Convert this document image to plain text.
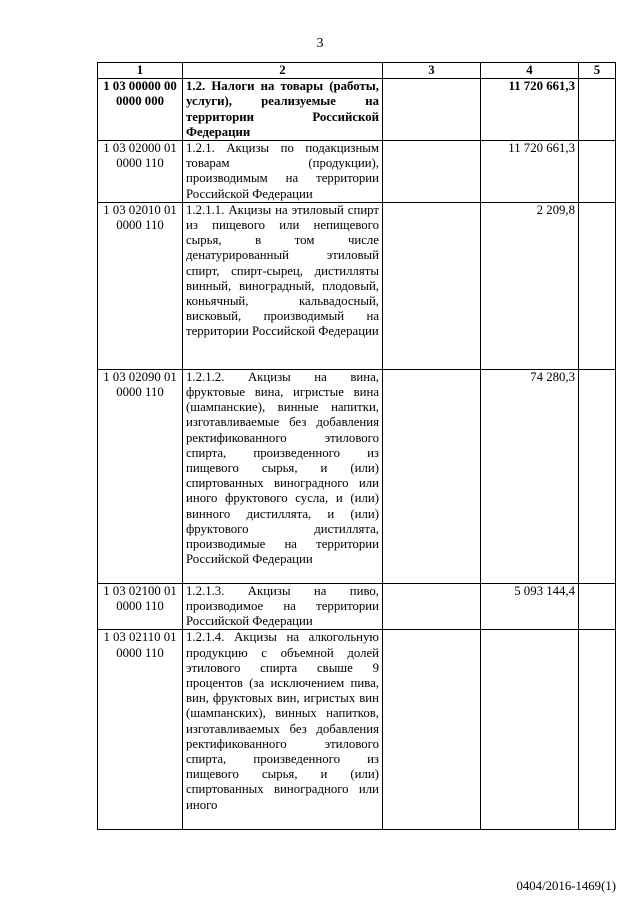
3
1	2	3	4	5
1 03 00000 00 0000 000	1.2. Налоги на товары (работы, услуги), реализуемые на территории Российской Федерации		11 720 661,3	
1 03 02000 01 0000 110	1.2.1. Акцизы по подакцизным товарам (продукции), производимым на территории Российской Федерации		11 720 661,3	
1 03 02010 01 0000 110	1.2.1.1. Акцизы на этиловый спирт из пищевого или непищевого сырья, в том числе денатурированный этиловый спирт, спирт-сырец, дистилляты винный, виноградный, плодовый, коньячный, кальвадосный, висковый, производимый на территории Российской Федерации		2 209,8	
1 03 02090 01 0000 110	1.2.1.2. Акцизы на вина, фруктовые вина, игристые вина (шампанские), винные напитки, изготавливаемые без добавления ректификованного этилового спирта, произведенного из пищевого сырья, и (или) спиртованных виноградного или иного фруктового сусла, и (или) винного дистиллята, и (или) фруктового дистиллята, производимые на территории Российской Федерации		74 280,3	
1 03 02100 01 0000 110	1.2.1.3. Акцизы на пиво, производимое на территории Российской Федерации		5 093 144,4	
1 03 02110 01 0000 110	1.2.1.4. Акцизы на алкогольную продукцию с объемной долей этилового спирта свыше 9 процентов (за исключением пива, вин, фруктовых вин, игристых вин (шампанских), винных напитков, изготавливаемых без добавления ректификованного этилового спирта, произведенного из пищевого сырья, и (или) спиртованных виноградного или иного			
0404/2016-1469(1)
